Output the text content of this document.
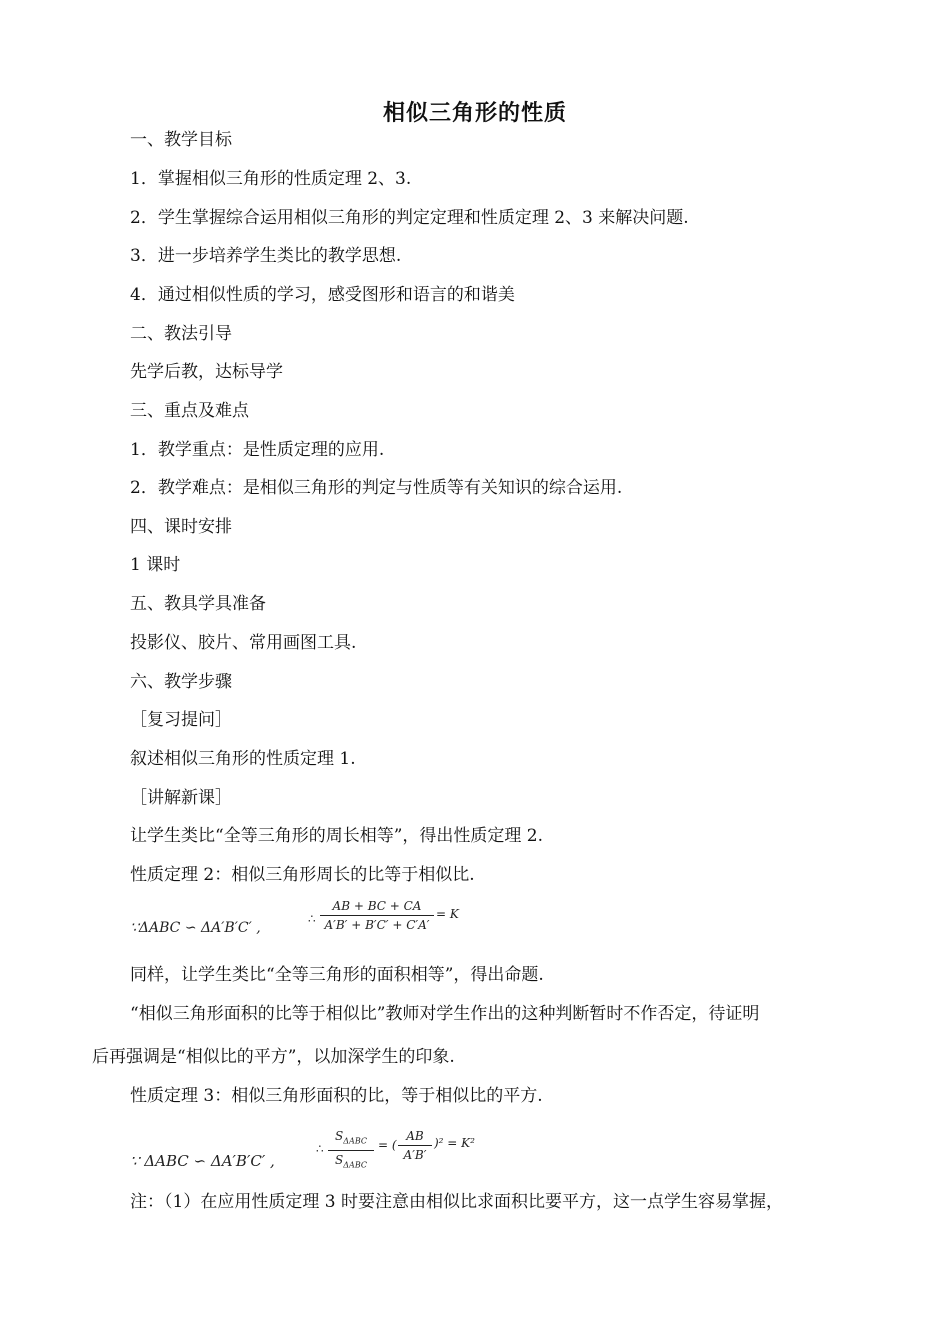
相似三角形的性质
一、教学目标
1．掌握相似三角形的性质定理 2、3.
2．学生掌握综合运用相似三角形的判定定理和性质定理 2、3 来解决问题.
3．进一步培养学生类比的教学思想.
4．通过相似性质的学习，感受图形和语言的和谐美
二、教法引导
先学后教，达标导学
三、重点及难点
1．教学重点：是性质定理的应用.
2．教学难点：是相似三角形的判定与性质等有关知识的综合运用.
四、课时安排
1 课时
五、教具学具准备
投影仪、胶片、常用画图工具.
六、教学步骤
［复习提问］
叙述相似三角形的性质定理 1.
［讲解新课］
让学生类比“全等三角形的周长相等”，得出性质定理 2.
性质定理 2：相似三角形周长的比等于相似比.
∵ΔABC ∽ ΔA′B′C′ ,
∴
AB + BC + CA
A′B′ + B′C′ + C′A′
= K
同样，让学生类比“全等三角形的面积相等”，得出命题.
“相似三角形面积的比等于相似比”教师对学生作出的这种判断暂时不作否定，待证明
后再强调是“相似比的平方”，以加深学生的印象.
性质定理 3：相似三角形面积的比，等于相似比的平方.
∵ ΔABC ∽ ΔA′B′C′ ,
∴
$S_{\Delta ABC}$
$S_{\Delta ABC}$
= (
AB
A′B′
)² = K²
注：（1）在应用性质定理 3 时要注意由相似比求面积比要平方，这一点学生容易掌握，
